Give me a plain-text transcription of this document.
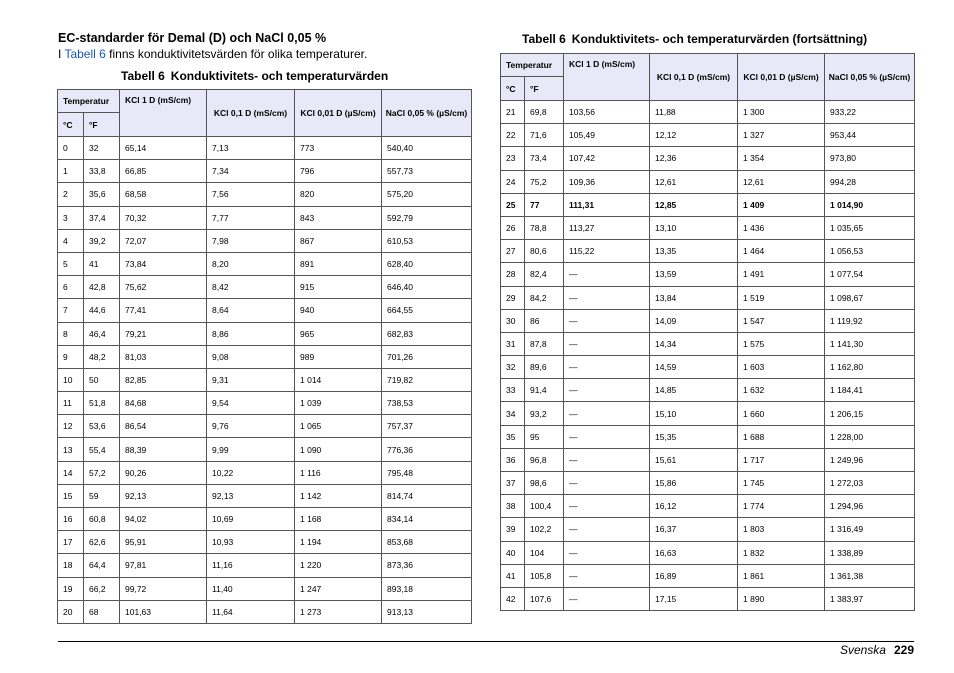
EC-standarder för Demal (D) och NaCl 0,05 %

I Tabell 6 finns konduktivitetsvärden för olika temperaturer.

Tabell 6 Konduktivitets- och temperaturvärden
Temperatur		KCl 1 D (mS/cm)	KCl 0,1 D (mS/cm)	KCl 0,01 D (µS/cm)	NaCl 0,05 % (µS/cm)
°C	°F				
0	32	65,14	7,13	773	540,40
1	33,8	66,85	7,34	796	557,73
2	35,6	68,58	7,56	820	575,20
3	37,4	70,32	7,77	843	592,79
4	39,2	72,07	7,98	867	610,53
5	41	73,84	8,20	891	628,40
6	42,8	75,62	8,42	915	646,40
7	44,6	77,41	8,64	940	664,55
8	46,4	79,21	8,86	965	682,83
9	48,2	81,03	9,08	989	701,26
10	50	82,85	9,31	1 014	719,82
11	51,8	84,68	9,54	1 039	738,53
12	53,6	86,54	9,76	1 065	757,37
13	55,4	88,39	9,99	1 090	776,36
14	57,2	90,26	10,22	1 116	795,48
15	59	92,13	92,13	1 142	814,74
16	60,8	94,02	10,69	1 168	834,14
17	62,6	95,91	10,93	1 194	853,68
18	64,4	97,81	11,16	1 220	873,36
19	66,2	99,72	11,40	1 247	893,18
20	68	101,63	11,64	1 273	913,13
Tabell 6 Konduktivitets- och temperaturvärden (fortsättning)
Temperatur		KCl 1 D (mS/cm)	KCl 0,1 D (mS/cm)	KCl 0,01 D (µS/cm)	NaCl 0,05 % (µS/cm)
°C	°F				
21	69,8	103,56	11,88	1 300	933,22
22	71,6	105,49	12,12	1 327	953,44
23	73,4	107,42	12,36	1 354	973,80
24	75,2	109,36	12,61	12,61	994,28
25	77	111,31	12,85	1 409	1 014,90
26	78,8	113,27	13,10	1 436	1 035,65
27	80,6	115,22	13,35	1 464	1 056,53
28	82,4	—	13,59	1 491	1 077,54
29	84,2	—	13,84	1 519	1 098,67
30	86	—	14,09	1 547	1 119,92
31	87,8	—	14,34	1 575	1 141,30
32	89,6	—	14,59	1 603	1 162,80
33	91,4	—	14,85	1 632	1 184,41
34	93,2	—	15,10	1 660	1 206,15
35	95	—	15,35	1 688	1 228,00
36	96,8	—	15,61	1 717	1 249,96
37	98,6	—	15,86	1 745	1 272,03
38	100,4	—	16,12	1 774	1 294,96
39	102,2	—	16,37	1 803	1 316,49
40	104	—	16,63	1 832	1 338,89
41	105,8	—	16,89	1 861	1 361,38
42	107,6	—	17,15	1 890	1 383,97
Svenska 229
